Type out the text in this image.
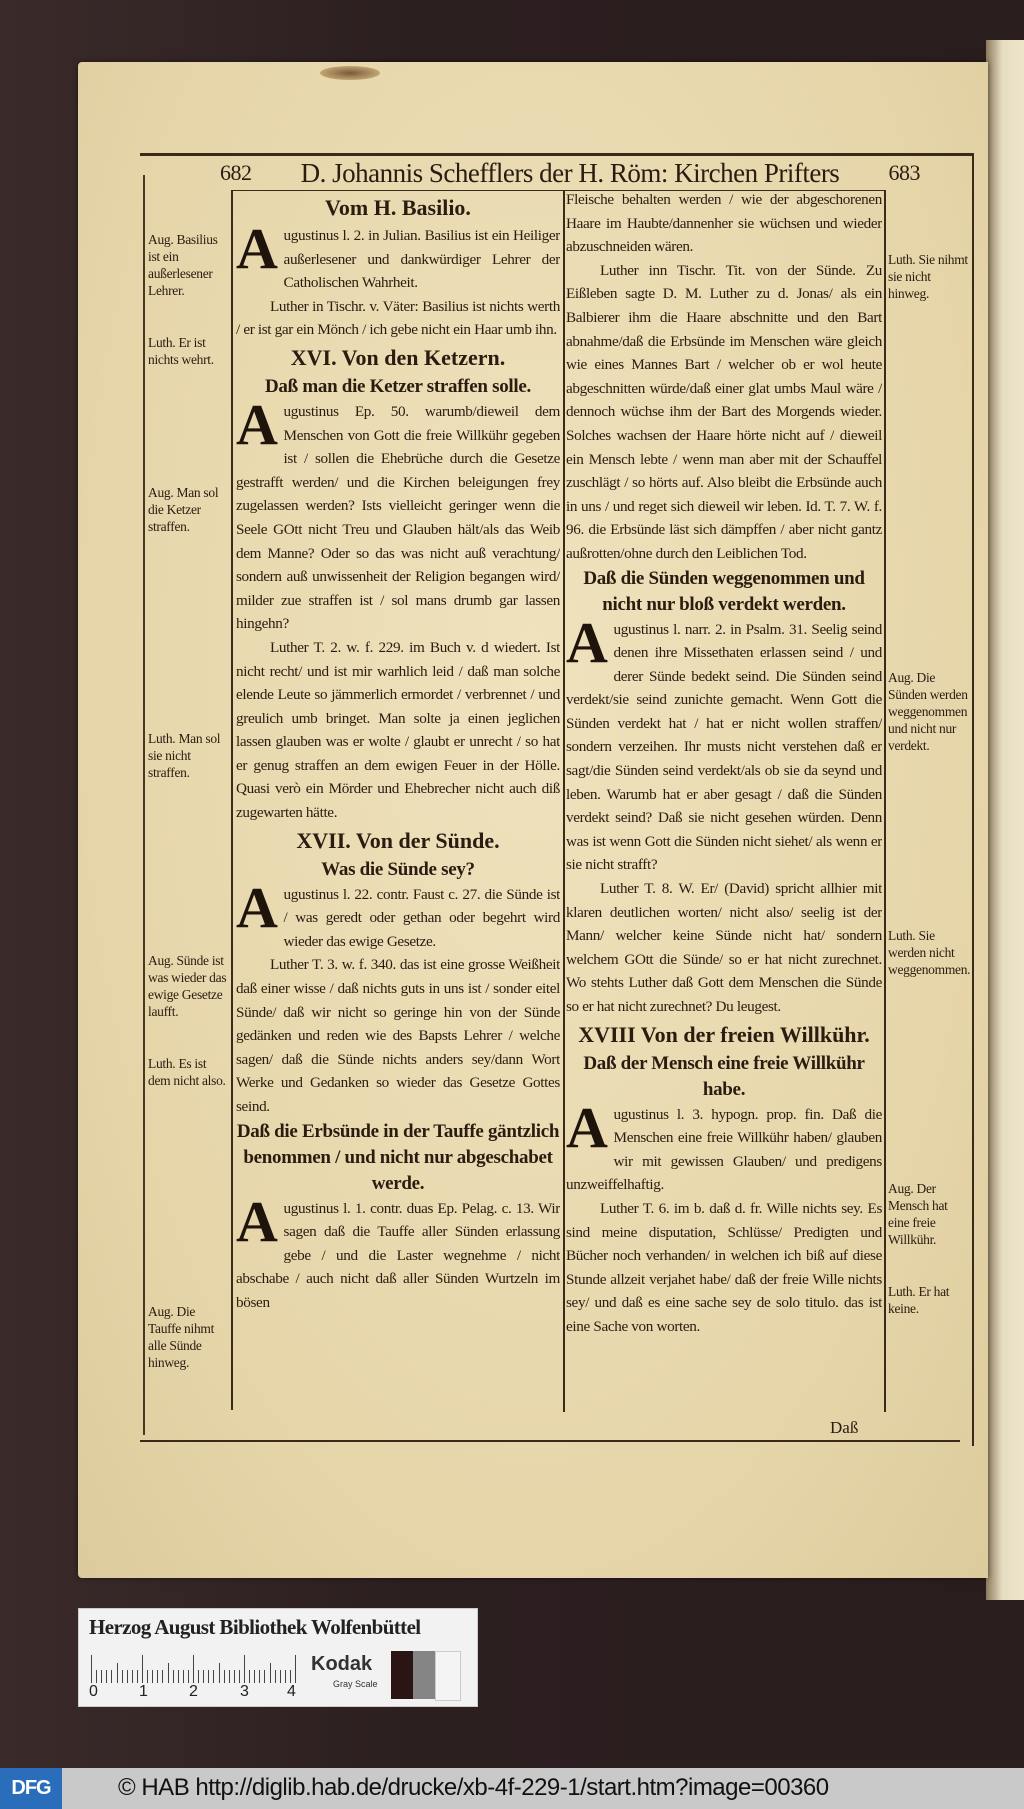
682 D. Johannis Schefflers der H. Röm: Kirchen Prifters 683
Vom H. Basilio.

Augustinus l. 2. in Julian. Basilius ist ein Heiliger außerlesener und dankwürdiger Lehrer der Catholischen Wahrheit.

Luther in Tischr. v. Väter: Basilius ist nichts werth / er ist gar ein Mönch / ich gebe nicht ein Haar umb ihn.

XVI. Von den Ketzern.
Daß man die Ketzer straffen solle.

Augustinus Ep. 50. warumb/dieweil dem Menschen von Gott die freie Willkühr gegeben ist / sollen die Ehebrüche durch die Gesetze gestrafft werden/ und die Kirchen beleigungen frey zugelassen werden? Ists vielleicht geringer wenn die Seele GOtt nicht Treu und Glauben hält/als das Weib dem Manne? Oder so das was nicht auß verachtung/ sondern auß unwissenheit der Religion begangen wird/ milder zue straffen ist / sol mans drumb gar lassen hingehn?

Luther T. 2. w. f. 229. im Buch v. d wiedert. Ist nicht recht/ und ist mir warhlich leid / daß man solche elende Leute so jämmerlich ermordet / verbrennet / und greulich umb bringet. Man solte ja einen jeglichen lassen glauben was er wolte / glaubt er unrecht / so hat er genug straffen an dem ewigen Feuer in der Hölle. Quasi verò ein Mörder und Ehebrecher nicht auch diß zugewarten hätte.

XVII. Von der Sünde.
Was die Sünde sey?

Augustinus l. 22. contr. Faust c. 27. die Sünde ist / was geredt oder gethan oder begehrt wird wieder das ewige Gesetze.

Luther T. 3. w. f. 340. das ist eine grosse Weißheit daß einer wisse / daß nichts guts in uns ist / sonder eitel Sünde/ daß wir nicht so geringe hin von der Sünde gedänken und reden wie des Bapsts Lehrer / welche sagen/ daß die Sünde nichts anders sey/dann Wort Werke und Gedanken so wieder das Gesetze Gottes seind.

Daß die Erbsünde in der Tauffe gäntzlich benommen / und nicht nur abgeschabet werde.

Augustinus l. 1. contr. duas Ep. Pelag. c. 13. Wir sagen daß die Tauffe aller Sünden erlassung gebe / und die Laster wegnehme / nicht abschabe / auch nicht daß aller Sünden Wurtzeln im bösen

Fleische behalten werden / wie der abgeschorenen Haare im Haubte/dannenher sie wüchsen und wieder abzuschneiden wären.

Luther inn Tischr. Tit. von der Sünde. Zu Eißleben sagte D. M. Luther zu d. Jonas/ als ein Balbierer ihm die Haare abschnitte und den Bart abnahme/daß die Erbsünde im Menschen wäre gleich wie eines Mannes Bart / welcher ob er wol heute abgeschnitten würde/daß einer glat umbs Maul wäre / dennoch wüchse ihm der Bart des Morgends wieder. Solches wachsen der Haare hörte nicht auf / dieweil ein Mensch lebte / wenn man aber mit der Schauffel zuschlägt / so hörts auf. Also bleibt die Erbsünde auch in uns / und reget sich dieweil wir leben. Id. T. 7. W. f. 96. die Erbsünde läst sich dämpffen / aber nicht gantz außrotten/ohne durch den Leiblichen Tod.

Daß die Sünden weggenommen und nicht nur bloß verdekt werden.

Augustinus l. narr. 2. in Psalm. 31. Seelig seind denen ihre Missethaten erlassen seind / und derer Sünde bedekt seind. Die Sünden seind verdekt/sie seind zunichte gemacht. Wenn Gott die Sünden verdekt hat / hat er nicht wollen straffen/ sondern verzeihen. Ihr musts nicht verstehen daß er sagt/die Sünden seind verdekt/als ob sie da seynd und leben. Warumb hat er aber gesagt / daß die Sünden verdekt seind? Daß sie nicht gesehen würden. Denn was ist wenn Gott die Sünden nicht siehet/ als wenn er sie nicht strafft?

Luther T. 8. W. Er/ (David) spricht allhier mit klaren deutlichen worten/ nicht also/ seelig ist der Mann/ welcher keine Sünde nicht hat/ sondern welchem GOtt die Sünde/ so er hat nicht zurechnet. Wo stehts Luther daß Gott dem Menschen die Sünde so er hat nicht zurechnet? Du leugest.

XVIII Von der freien Willkühr.
Daß der Mensch eine freie Willkühr habe.

Augustinus l. 3. hypogn. prop. fin. Daß die Menschen eine freie Willkühr haben/ glauben wir mit gewissen Glauben/ und predigens unzweiffelhaftig.

Luther T. 6. im b. daß d. fr. Wille nichts sey. Es sind meine disputation, Schlüsse/ Predigten und Bücher noch verhanden/ in welchen ich biß auf diese Stunde allzeit verjahet habe/ daß der freie Wille nichts sey/ und daß es eine sache sey de solo titulo. das ist eine Sache von worten.

Aug. Basilius ist ein außerlesener Lehrer.
Luth. Er ist nichts wehrt.
Aug. Man sol die Ketzer straffen.
Luth. Man sol sie nicht straffen.
Aug. Sünde ist was wieder das ewige Gesetze laufft.
Luth. Es ist dem nicht also.
Aug. Die Tauffe nihmt alle Sünde hinweg.
Luth. Sie nihmt sie nicht hinweg.
Aug. Die Sünden werden weggenommen und nicht nur verdekt.
Luth. Sie werden nicht weggenommen.
Aug. Der Mensch hat eine freie Willkühr.
Luth. Er hat keine.
Daß
Herzog August Bibliothek Wolfenbüttel
0	1	2	3 4
Kodak
Gray Scale
DFG	© HAB http://diglib.hab.de/drucke/xb-4f-229-1/start.htm?image=00360
